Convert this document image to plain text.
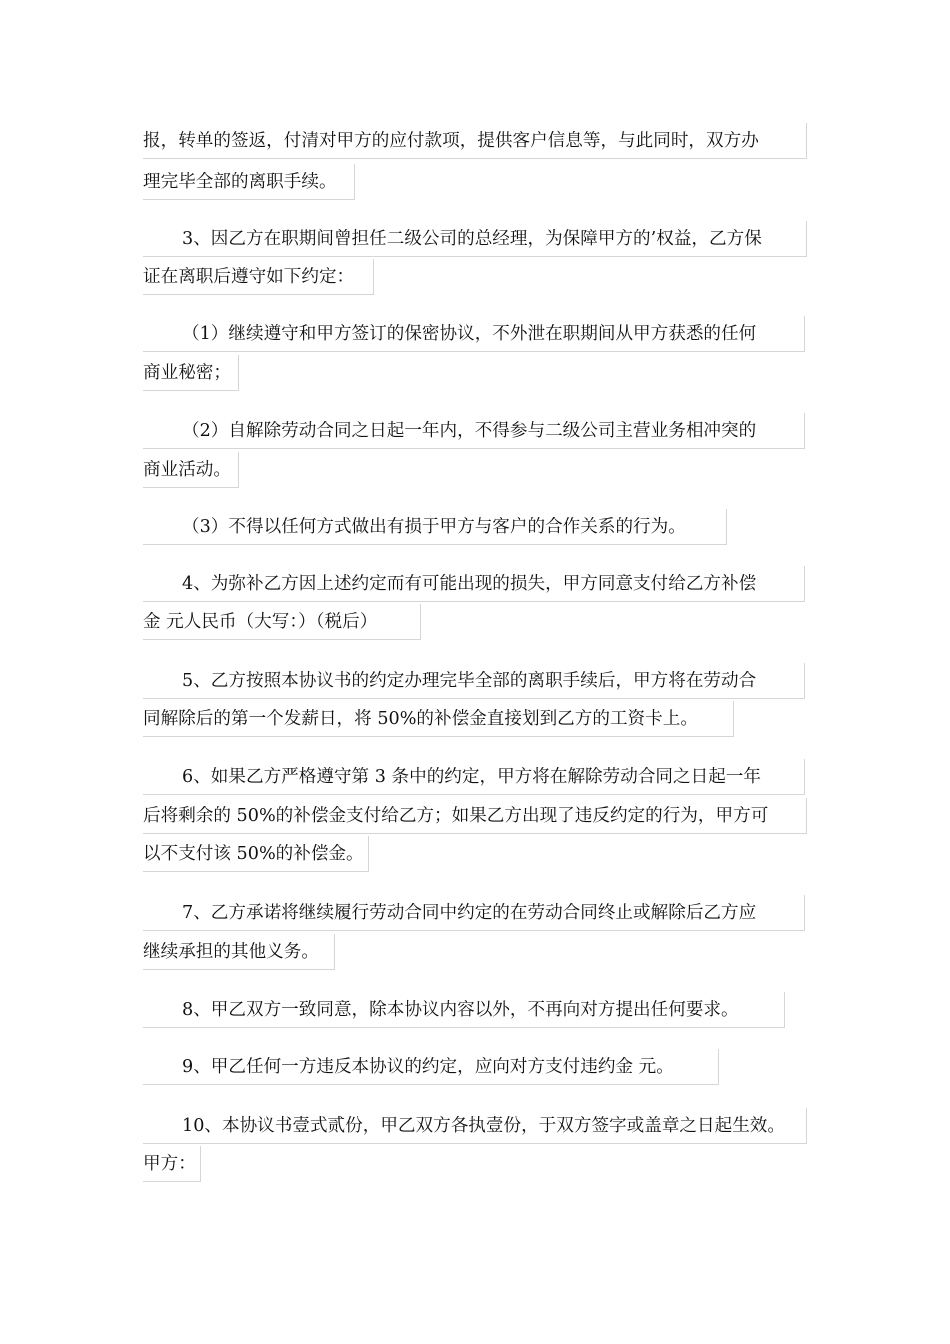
报，转单的签返，付清对甲方的应付款项，提供客户信息等，与此同时，双方办
理完毕全部的离职手续。
3、因乙方在职期间曾担任二级公司的总经理，为保障甲方的’权益，乙方保
证在离职后遵守如下约定：
（1）继续遵守和甲方签订的保密协议，不外泄在职期间从甲方获悉的任何
商业秘密；
（2）自解除劳动合同之日起一年内，不得参与二级公司主营业务相冲突的
商业活动。
（3）不得以任何方式做出有损于甲方与客户的合作关系的行为。
4、为弥补乙方因上述约定而有可能出现的损失，甲方同意支付给乙方补偿
金 元人民币（大写：）（税后）
5、乙方按照本协议书的约定办理完毕全部的离职手续后，甲方将在劳动合
同解除后的第一个发薪日，将 50%的补偿金直接划到乙方的工资卡上。
6、如果乙方严格遵守第 3 条中的约定，甲方将在解除劳动合同之日起一年
后将剩余的 50%的补偿金支付给乙方；如果乙方出现了违反约定的行为，甲方可
以不支付该 50%的补偿金。
7、乙方承诺将继续履行劳动合同中约定的在劳动合同终止或解除后乙方应
继续承担的其他义务。
8、甲乙双方一致同意，除本协议内容以外，不再向对方提出任何要求。
9、甲乙任何一方违反本协议的约定，应向对方支付违约金 元。
10、本协议书壹式贰份，甲乙双方各执壹份，于双方签字或盖章之日起生效。
甲方：
